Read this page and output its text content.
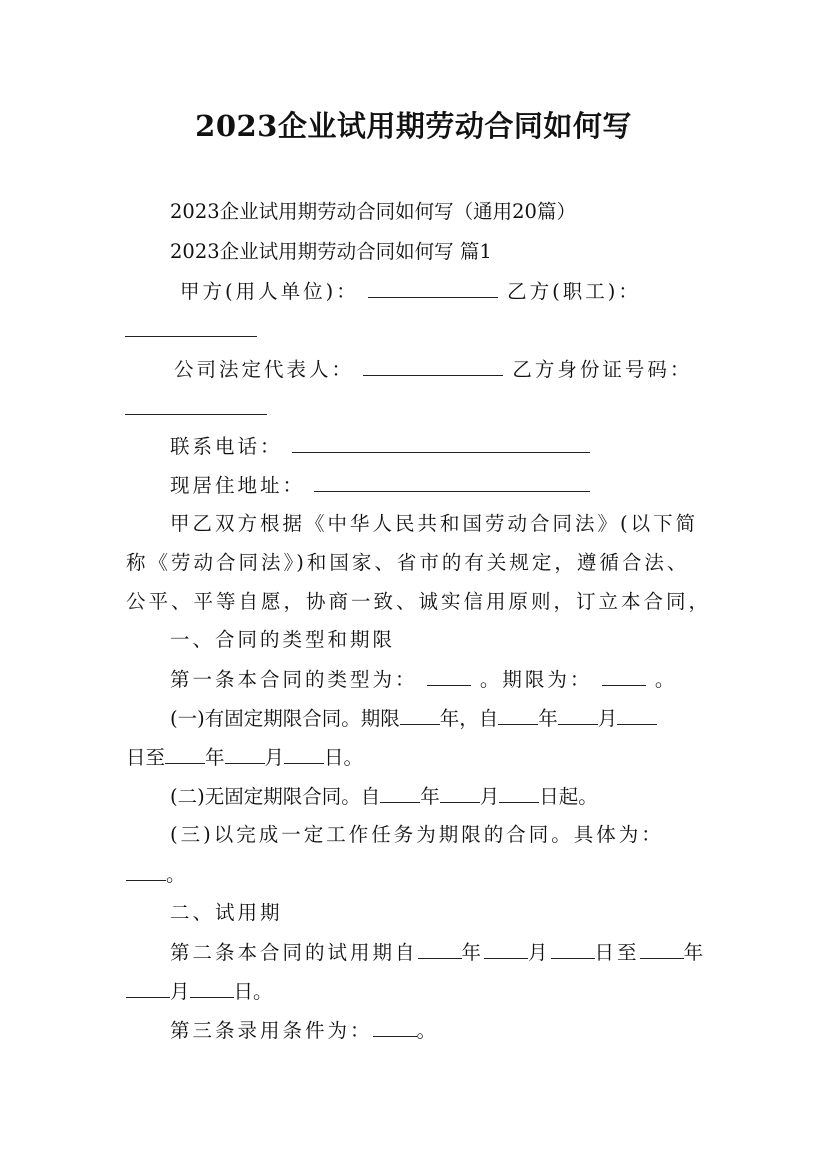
2023企业试用期劳动合同如何写
2023企业试用期劳动合同如何写（通用20篇）
2023企业试用期劳动合同如何写 篇1
甲方(用人单位)：	乙方(职工)：
公司法定代表人：	乙方身份证号码：
联系电话：
现居住地址：
甲乙双方根据《中华人民共和国劳动合同法》(以下简
称《劳动合同法》)和国家、省市的有关规定，遵循合法、
公平、平等自愿，协商一致、诚实信用原则，订立本合同，
一、合同的类型和期限
第一条本合同的类型为：	。期限为：	。
(一)有固定期限合同。期限 年，自 年 月
日至 年 月 日。
(二)无固定期限合同。自 年 月 日起。
(三)以完成一定工作任务为期限的合同。具体为：
。
二、试用期
第二条本合同的试用期自 年 月 日至 年
月 日。
第三条录用条件为： 。
